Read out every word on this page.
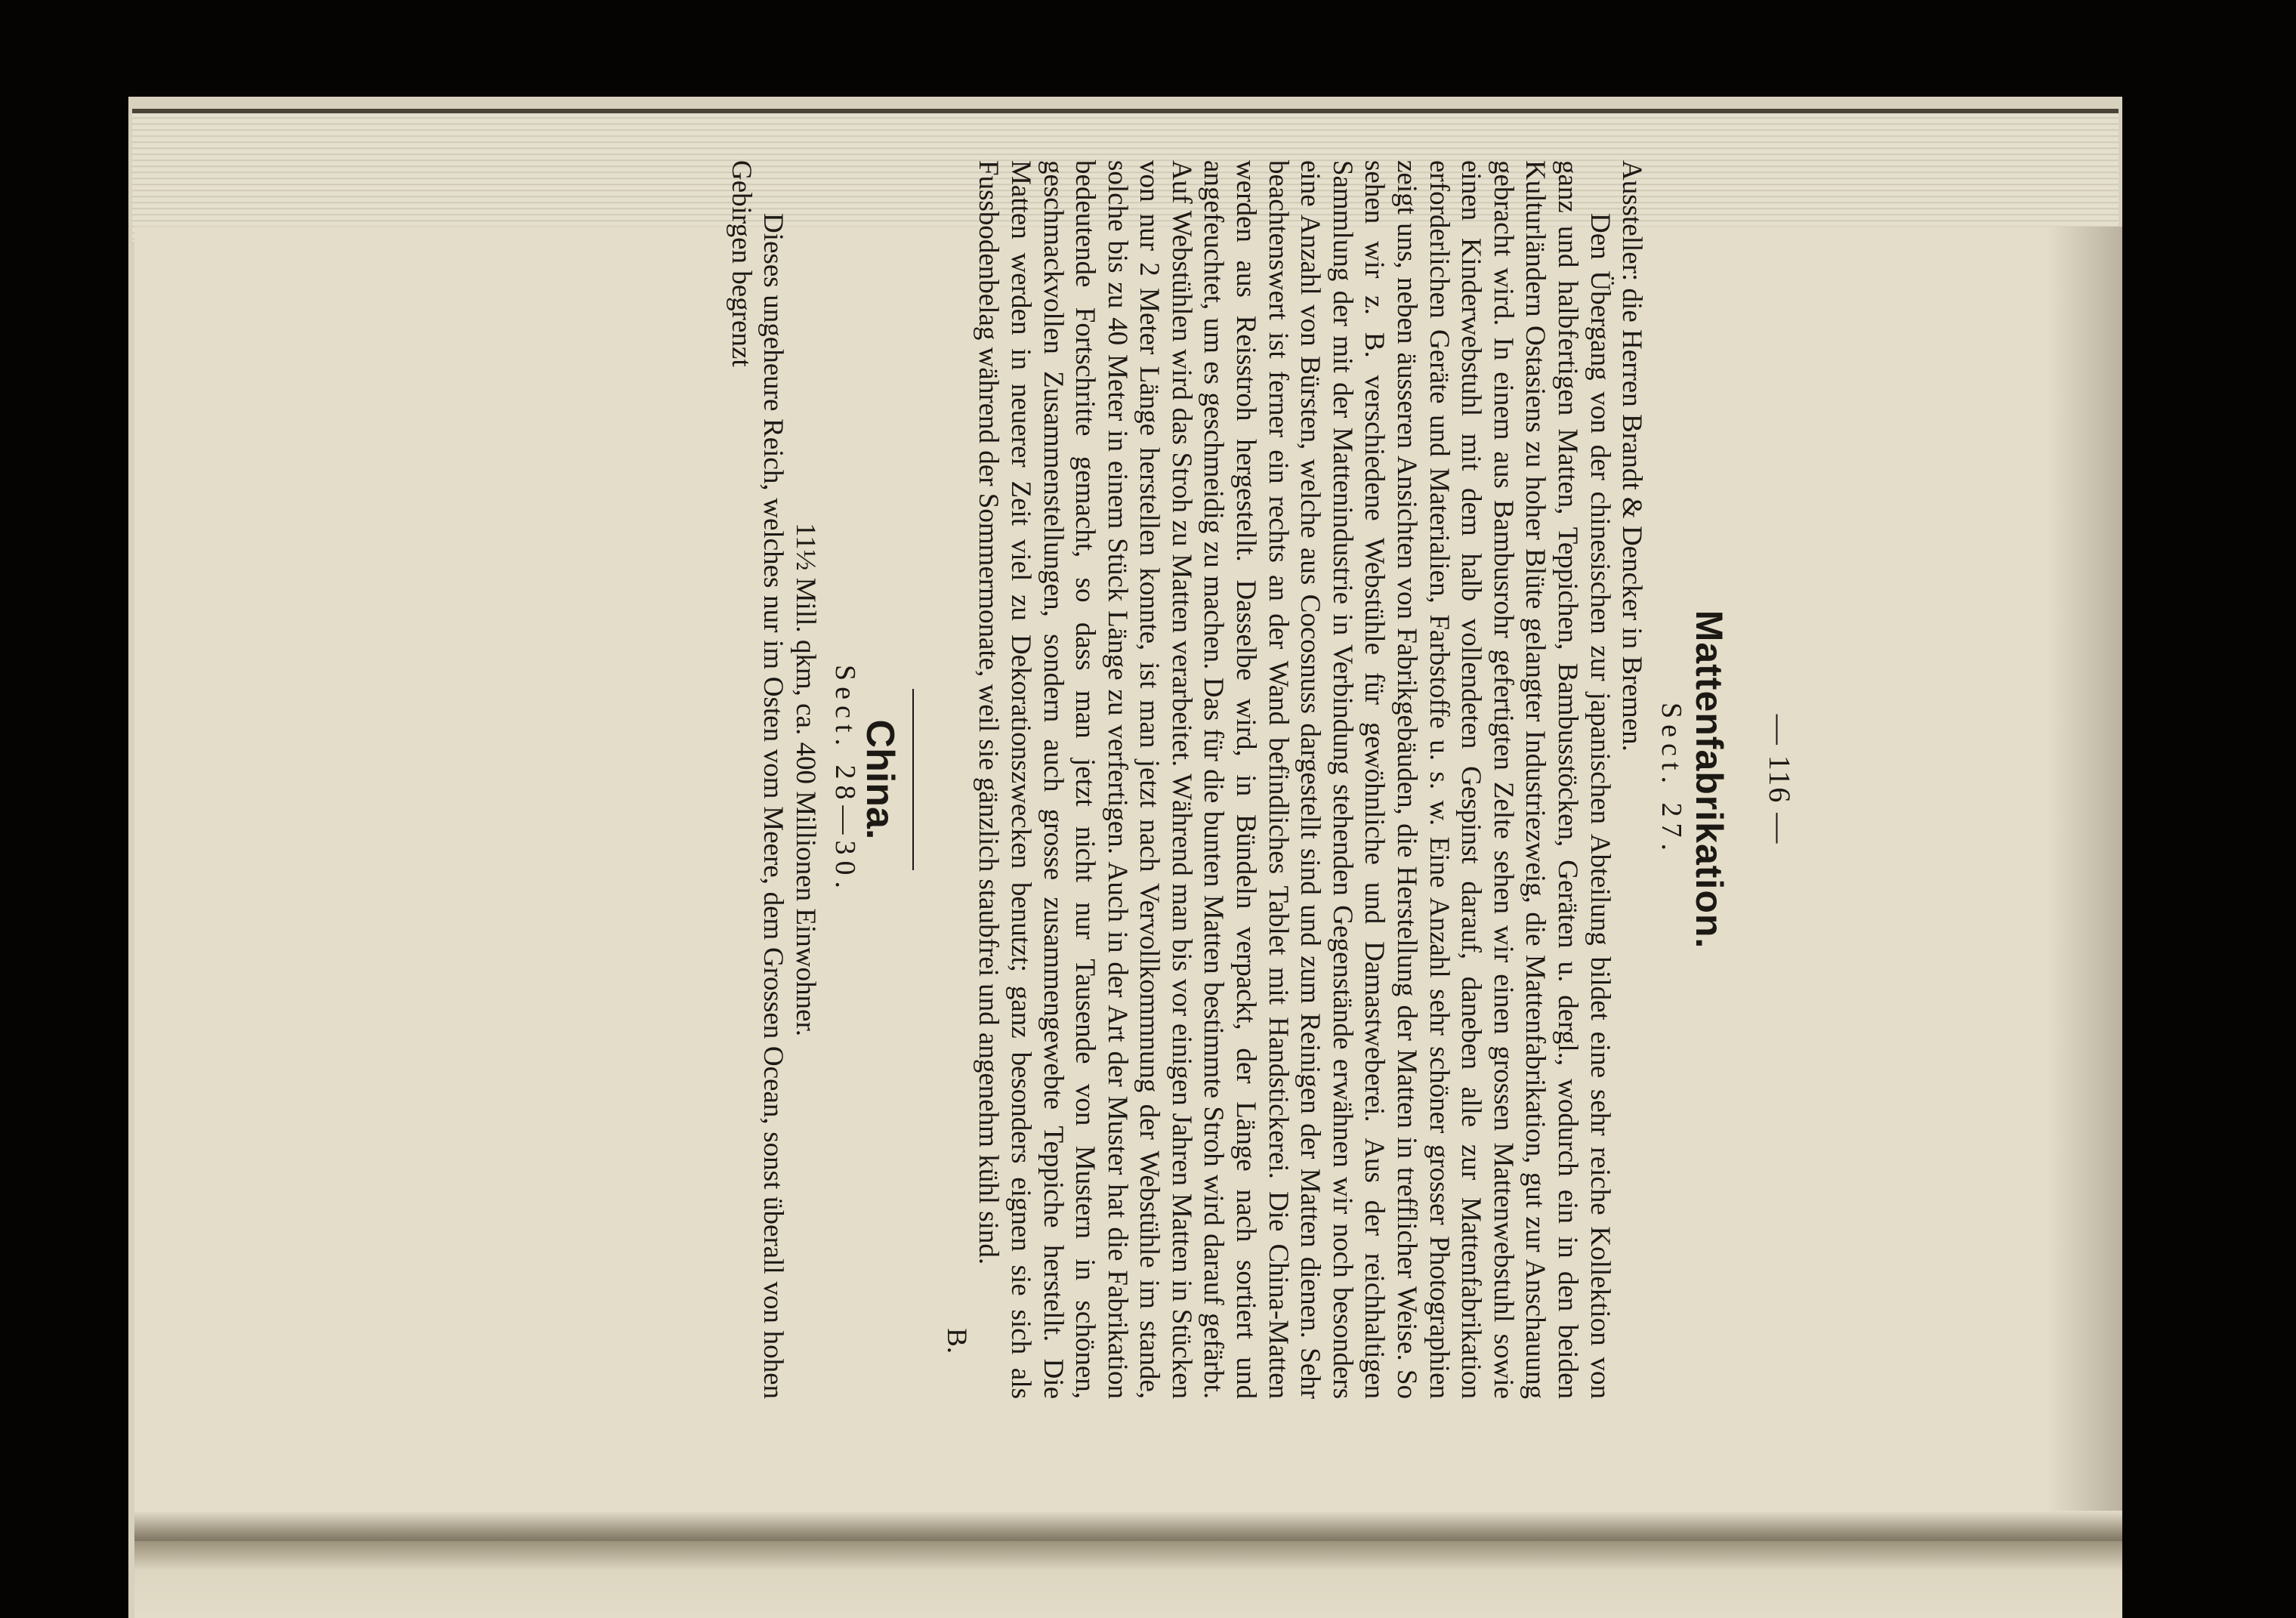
— 116 —

Mattenfabrikation.

Sect. 27.

Aussteller: die Herren Brandt & Dencker in Bremen.

Den Übergang von der chinesischen zur japanischen Abteilung bildet eine sehr reiche Kollektion von ganz und halbfertigen Matten, Teppichen, Bambusstöcken, Geräten u. dergl., wodurch ein in den beiden Kulturländern Ostasiens zu hoher Blüte gelangter Industriezweig, die Mattenfabrikation, gut zur Anschauung gebracht wird. In einem aus Bambusrohr gefertigten Zelte sehen wir einen grossen Mattenwebstuhl sowie einen Kinderwebstuhl mit dem halb vollendeten Gespinst darauf, daneben alle zur Mattenfabrikation erforderlichen Geräte und Materialien, Farbstoffe u. s. w. Eine Anzahl sehr schöner grosser Photographien zeigt uns, neben äusseren Ansichten von Fabrikgebäuden, die Herstellung der Matten in trefflicher Weise. So sehen wir z. B. verschiedene Webstühle für gewöhnliche und Damastweberei. Aus der reichhaltigen Sammlung der mit der Mattenindustrie in Verbindung stehenden Gegenstände erwähnen wir noch besonders eine Anzahl von Bürsten, welche aus Cocosnuss dargestellt sind und zum Reinigen der Matten dienen. Sehr beachtenswert ist ferner ein rechts an der Wand befindliches Tablet mit Handstickerei. Die China-Matten werden aus Reisstroh hergestellt. Dasselbe wird, in Bündeln verpackt, der Länge nach sortiert und angefeuchtet, um es geschmeidig zu machen. Das für die bunten Matten bestimmte Stroh wird darauf gefärbt. Auf Webstühlen wird das Stroh zu Matten verarbeitet. Während man bis vor einigen Jahren Matten in Stücken von nur 2 Meter Länge herstellen konnte, ist man jetzt nach Vervollkommnung der Webstühle im stande, solche bis zu 40 Meter in einem Stück Länge zu verfertigen. Auch in der Art der Muster hat die Fabrikation bedeutende Fortschritte gemacht, so dass man jetzt nicht nur Tausende von Mustern in schönen, geschmackvollen Zusammenstellungen, sondern auch grosse zusammengewebte Teppiche herstellt. Die Matten werden in neuerer Zeit viel zu Dekorationszwecken benutzt; ganz besonders eignen sie sich als Fussbodenbelag während der Sommermonate, weil sie gänzlich staubfrei und angenehm kühl sind.

B.

China.

Sect. 28—30.

11½ Mill. qkm, ca. 400 Millionen Einwohner.

Dieses ungeheure Reich, welches nur im Osten vom Meere, dem Grossen Ocean, sonst überall von hohen Gebirgen begrenzt
